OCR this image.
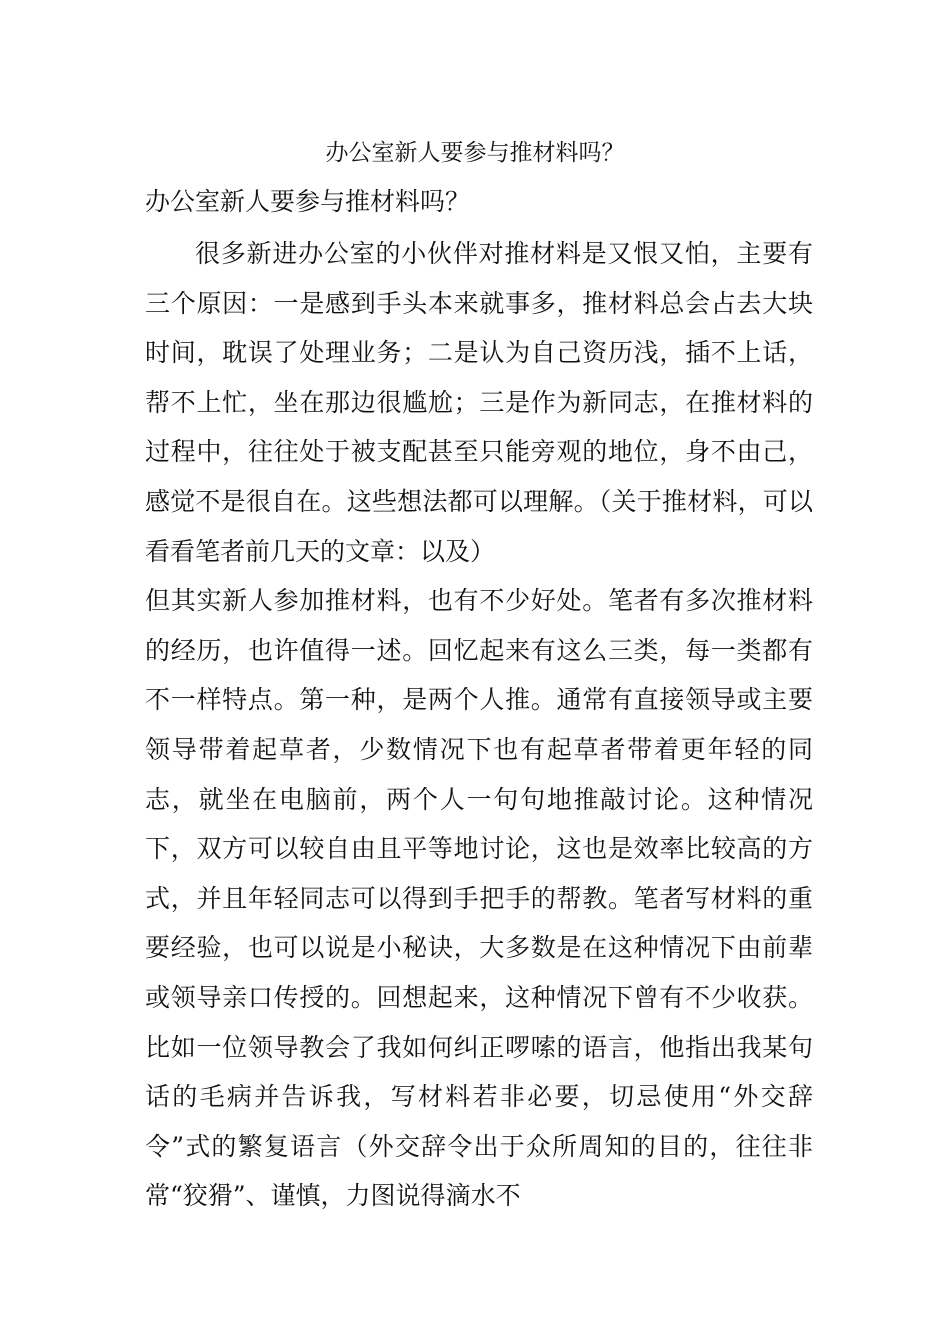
办公室新人要参与推材料吗？
办公室新人要参与推材料吗？

很多新进办公室的小伙伴对推材料是又恨又怕，主要有三个原因：一是感到手头本来就事多，推材料总会占去大块时间，耽误了处理业务；二是认为自己资历浅，插不上话，帮不上忙，坐在那边很尴尬；三是作为新同志，在推材料的过程中，往往处于被支配甚至只能旁观的地位，身不由己，感觉不是很自在。这些想法都可以理解。（关于推材料，可以看看笔者前几天的文章：以及）

但其实新人参加推材料，也有不少好处。笔者有多次推材料的经历，也许值得一述。回忆起来有这么三类，每一类都有不一样特点。第一种，是两个人推。通常有直接领导或主要领导带着起草者，少数情况下也有起草者带着更年轻的同志，就坐在电脑前，两个人一句句地推敲讨论。这种情况下，双方可以较自由且平等地讨论，这也是效率比较高的方式，并且年轻同志可以得到手把手的帮教。笔者写材料的重要经验，也可以说是小秘诀，大多数是在这种情况下由前辈或领导亲口传授的。回想起来，这种情况下曾有不少收获。比如一位领导教会了我如何纠正啰嗦的语言，他指出我某句话的毛病并告诉我，写材料若非必要，切忌使用“外交辞令”式的繁复语言（外交辞令出于众所周知的目的，往往非常“狡猾”、谨慎，力图说得滴水不
